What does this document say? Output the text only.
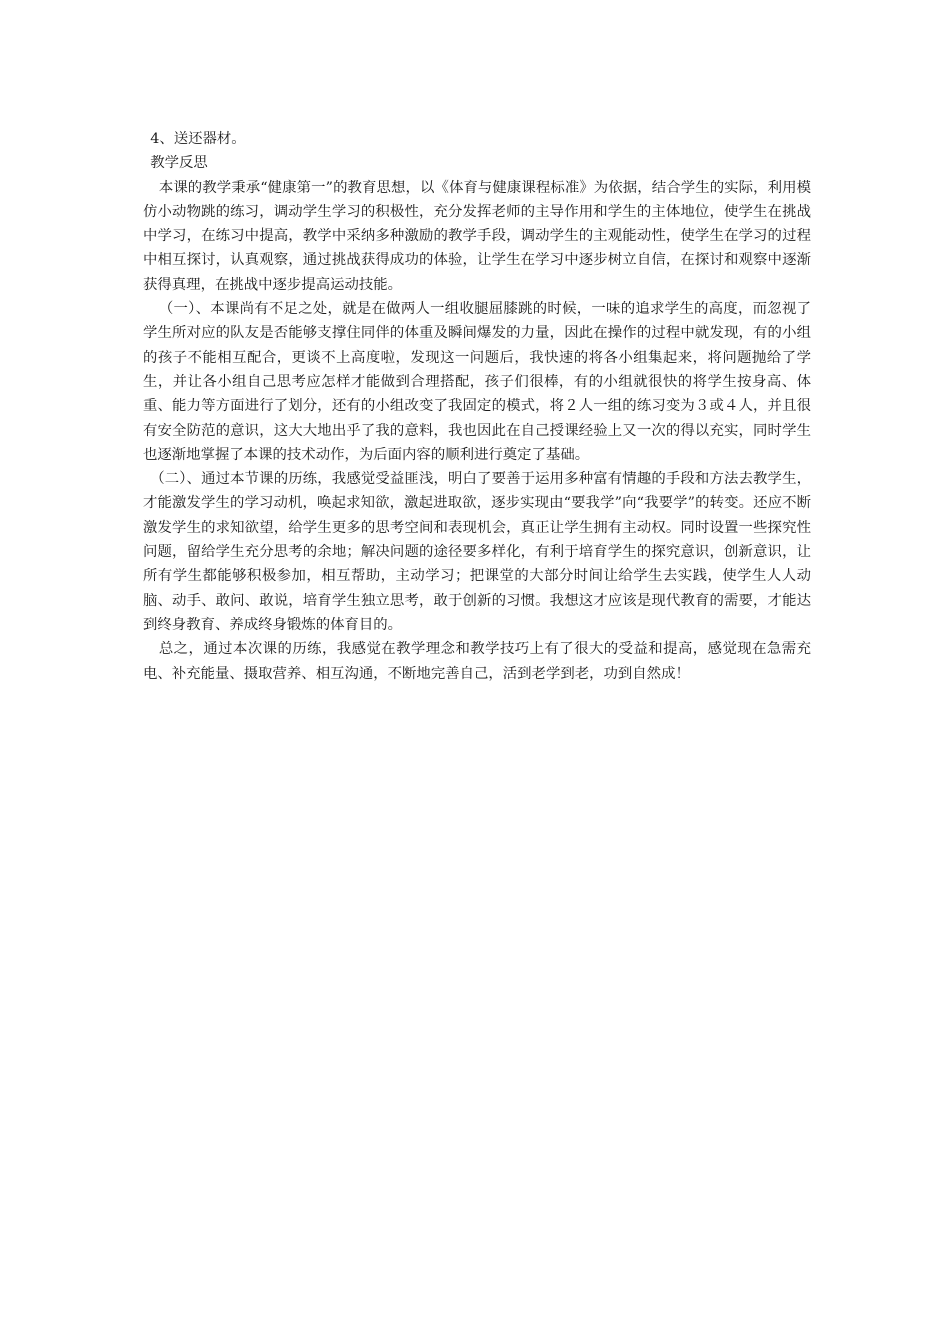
4、送还器材。

教学反思

本课的教学秉承“健康第一”的教育思想，以《体育与健康课程标准》为依据，结合学生的实际，利用模仿小动物跳的练习，调动学生学习的积极性，充分发挥老师的主导作用和学生的主体地位，使学生在挑战中学习，在练习中提高，教学中采纳多种激励的教学手段，调动学生的主观能动性，使学生在学习的过程中相互探讨，认真观察，通过挑战获得成功的体验，让学生在学习中逐步树立自信，在探讨和观察中逐渐获得真理，在挑战中逐步提高运动技能。

（一）、本课尚有不足之处，就是在做两人一组收腿屈膝跳的时候，一味的追求学生的高度，而忽视了学生所对应的队友是否能够支撑住同伴的体重及瞬间爆发的力量，因此在操作的过程中就发现，有的小组的孩子不能相互配合，更谈不上高度啦，发现这一问题后，我快速的将各小组集起来，将问题抛给了学生，并让各小组自己思考应怎样才能做到合理搭配，孩子们很棒，有的小组就很快的将学生按身高、体重、能力等方面进行了划分，还有的小组改变了我固定的模式，将２人一组的练习变为３或４人，并且很有安全防范的意识，这大大地出乎了我的意料，我也因此在自己授课经验上又一次的得以充实，同时学生也逐渐地掌握了本课的技术动作，为后面内容的顺利进行奠定了基础。

（二）、通过本节课的历练，我感觉受益匪浅，明白了要善于运用多种富有情趣的手段和方法去教学生，才能激发学生的学习动机，唤起求知欲，激起进取欲，逐步实现由“要我学”向“我要学”的转变。还应不断激发学生的求知欲望，给学生更多的思考空间和表现机会，真正让学生拥有主动权。同时设置一些探究性问题，留给学生充分思考的余地；解决问题的途径要多样化，有利于培育学生的探究意识，创新意识，让所有学生都能够积极参加，相互帮助，主动学习；把课堂的大部分时间让给学生去实践，使学生人人动脑、动手、敢问、敢说，培育学生独立思考，敢于创新的习惯。我想这才应该是现代教育的需要，才能达到终身教育、养成终身锻炼的体育目的。

总之，通过本次课的历练，我感觉在教学理念和教学技巧上有了很大的受益和提高，感觉现在急需充电、补充能量、摄取营养、相互沟通，不断地完善自己，活到老学到老，功到自然成！
